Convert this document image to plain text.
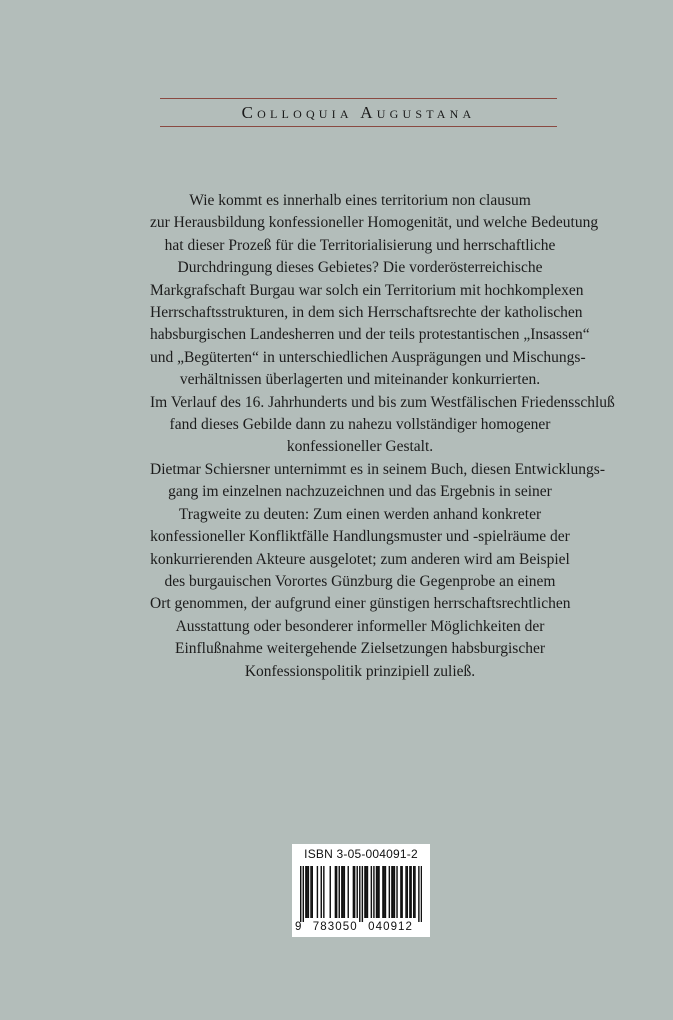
Colloquia Augustana

Wie kommt es innerhalb eines territorium non clausum

zur Herausbildung konfessioneller Homogenität, und welche Bedeutung

hat dieser Prozeß für die Territorialisierung und herrschaftliche

Durchdringung dieses Gebietes? Die vorderösterreichische

Markgrafschaft Burgau war solch ein Territorium mit hochkomplexen

Herrschaftsstrukturen, in dem sich Herrschaftsrechte der katholischen

habsburgischen Landesherren und der teils protestantischen „Insassen“

und „Begüterten“ in unterschiedlichen Ausprägungen und Mischungs-

verhältnissen überlagerten und miteinander konkurrierten.

Im Verlauf des 16. Jahrhunderts und bis zum Westfälischen Friedensschluß

fand dieses Gebilde dann zu nahezu vollständiger homogener

konfessioneller Gestalt.

Dietmar Schiersner unternimmt es in seinem Buch, diesen Entwicklungs-

gang im einzelnen nachzuzeichnen und das Ergebnis in seiner

Tragweite zu deuten: Zum einen werden anhand konkreter

konfessioneller Konfliktfälle Handlungsmuster und -spielräume der

konkurrierenden Akteure ausgelotet; zum anderen wird am Beispiel

des burgauischen Vorortes Günzburg die Gegenprobe an einem

Ort genommen, der aufgrund einer günstigen herrschaftsrechtlichen

Ausstattung oder besonderer informeller Möglichkeiten der

Einflußnahme weitergehende Zielsetzungen habsburgischer

Konfessionspolitik prinzipiell zuließ.

ISBN 3-05-004091-2
9 783050 040912
